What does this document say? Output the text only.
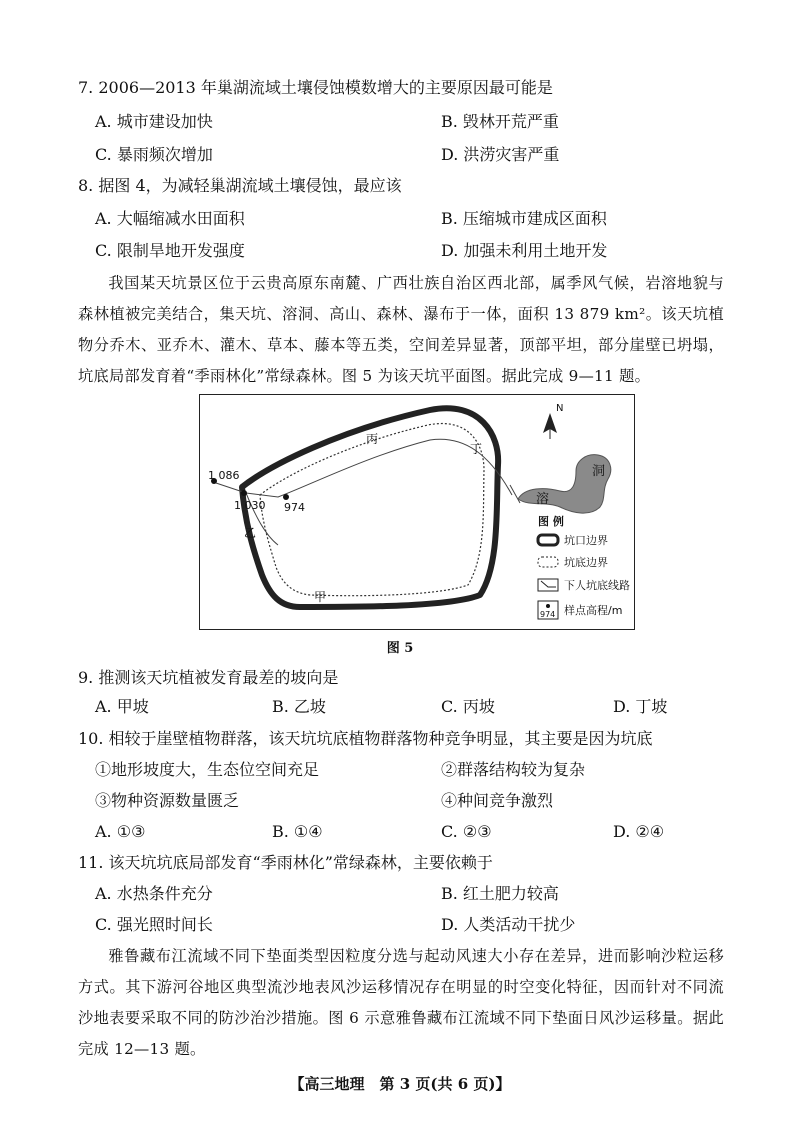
7. 2006—2013 年巢湖流域土壤侵蚀模数增大的主要原因最可能是
A. 城市建设加快	B. 毁林开荒严重
C. 暴雨频次增加	D. 洪涝灾害严重
8. 据图 4，为减轻巢湖流域土壤侵蚀，最应该
A. 大幅缩减水田面积	B. 压缩城市建成区面积
C. 限制旱地开发强度	D. 加强未利用土地开发

我国某天坑景区位于云贵高原东南麓、广西壮族自治区西北部，属季风气候，岩溶地貌与森林植被完美结合，集天坑、溶洞、高山、森林、瀑布于一体，面积 13 879 km²。该天坑植物分乔木、亚乔木、灌木、草本、藤本等五类，空间差异显著，顶部平坦，部分崖壁已坍塌，坑底局部发育着“季雨林化”常绿森林。图 5 为该天坑平面图。据此完成 9—11 题。

1 086
1 030 974
丙
丁
乙
甲
洞
溶
N
图 例
坑口边界
坑底边界
下人坑底线路
974 样点高程/m
图 5
9. 推测该天坑植被发育最差的坡向是
A. 甲坡	B. 乙坡	C. 丙坡	D. 丁坡
10. 相较于崖壁植物群落，该天坑坑底植物群落物种竞争明显，其主要是因为坑底
①地形坡度大，生态位空间充足	②群落结构较为复杂
③物种资源数量匮乏	④种间竞争激烈
A. ①③	B. ①④	C. ②③	D. ②④
11. 该天坑坑底局部发育“季雨林化”常绿森林，主要依赖于
A. 水热条件充分	B. 红土肥力较高
C. 强光照时间长	D. 人类活动干扰少

雅鲁藏布江流域不同下垫面类型因粒度分选与起动风速大小存在差异，进而影响沙粒运移方式。其下游河谷地区典型流沙地表风沙运移情况存在明显的时空变化特征，因而针对不同流沙地表要采取不同的防沙治沙措施。图 6 示意雅鲁藏布江流域不同下垫面日风沙运移量。据此完成 12—13 题。

【高三地理　第 3 页(共 6 页)】
